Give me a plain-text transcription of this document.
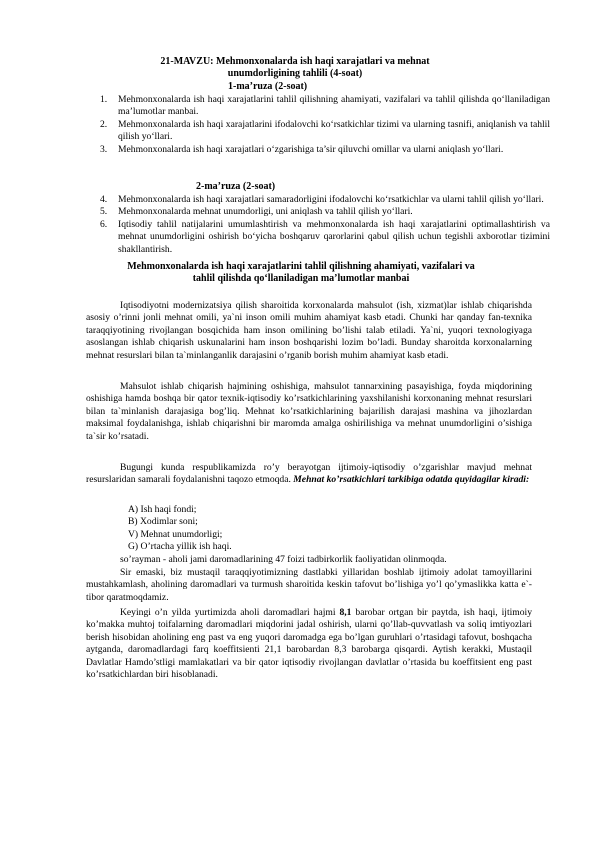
21-MAVZU: Mehmonxonalarda ish haqi xarajatlari va mehnat
unumdorligining tahlili (4-soat)
1-ma’ruza (2-soat)
1. Mehmonxonalarda ish haqi xarajatlarini tahlil qilishning ahamiyati, vazifalari va tahlil qilishda qo‘llaniladigan ma’lumotlar manbai.
2. Mehmonxonalarda ish haqi xarajatlarini ifodalovchi ko‘rsatkichlar tizimi va ularning tasnifi, aniqlanish va tahlil qilish yo‘llari.
3. Mehmonxonalarda ish haqi xarajatlari o‘zgarishiga ta’sir qiluvchi omillar va ularni aniqlash yo‘llari.
2-ma’ruza (2-soat)
4. Mehmonxonalarda ish haqi xarajatlari samaradorligini ifodalovchi ko‘rsatkichlar va ularni tahlil qilish yo‘llari.
5. Mehmonxonalarda mehnat unumdorligi, uni aniqlash va tahlil qilish yo‘llari.
6. Iqtisodiy tahlil natijalarini umumlashtirish va mehmonxonalarda ish haqi xarajatlarini optimallashtirish va mehnat unumdorligini oshirish bo‘yicha boshqaruv qarorlarini qabul qilish uchun tegishli axborotlar tizimini shakllantirish.
Mehmonxonalarda ish haqi xarajatlarini tahlil qilishning ahamiyati, vazifalari va
tahlil qilishda qo‘llaniladigan ma’lumotlar manbai
Iqtisodiyotni modernizatsiya qilish sharoitida korxonalarda mahsulot (ish, xizmat)lar ishlab chiqarishda asosiy o’rinni jonli mehnat omili, ya`ni inson omili muhim ahamiyat kasb etadi. Chunki har qanday fan-texnika taraqqiyotining rivojlangan bosqichida ham inson omilining bo’lishi talab etiladi. Ya`ni, yuqori texnologiyaga asoslangan ishlab chiqarish uskunalarini ham inson boshqarishi lozim bo’ladi. Bunday sharoitda korxonalarning mehnat resurslari bilan ta`minlanganlik darajasini o’rganib borish muhim ahamiyat kasb etadi.
Mahsulot ishlab chiqarish hajmining oshishiga, mahsulot tannarxining pasayishiga, foyda miqdorining oshishiga hamda boshqa bir qator texnik-iqtisodiy ko’rsatkichlarining yaxshilanishi korxonaning mehnat resurslari bilan ta`minlanish darajasiga bog’liq. Mehnat ko’rsatkichlarining bajarilish darajasi mashina va jihozlardan maksimal foydalanishga, ishlab chiqarishni bir maromda amalga oshirilishiga va mehnat unumdorligini o’sishiga ta`sir ko’rsatadi.
Bugungi kunda respublikamizda ro’y berayotgan ijtimoiy-iqtisodiy o’zgarishlar mavjud mehnat resurslaridan samarali foydalanishni taqozo etmoqda. Mehnat ko’rsatkichlari tarkibiga odatda quyidagilar kiradi:
A) Ish haqi fondi;
B) Xodimlar soni;
V) Mehnat unumdorligi;
G) O’rtacha yillik ish haqi.
so’rayman - aholi jami daromadlarining 47 foizi tadbirkorlik faoliyatidan olinmoqda.
Sir emaski, biz mustaqil taraqqiyotimizning dastlabki yillaridan boshlab ijtimoiy adolat tamoyillarini mustahkamlash, aholining daromadlari va turmush sharoitida keskin tafovut bo’lishiga yo’l qo’ymaslikka katta e`-tibor qaratmoqdamiz.
Keyingi o’n yilda yurtimizda aholi daromadlari hajmi 8,1 barobar ortgan bir paytda, ish haqi, ijtimoiy ko’makka muhtoj toifalarning daromadlari miqdorini jadal oshirish, ularni qo’llab-quvvatlash va soliq imtiyozlari berish hisobidan aholining eng past va eng yuqori daromadga ega bo’lgan guruhlari o’rtasidagi tafovut, boshqacha aytganda, daromadlardagi farq koeffitsienti 21,1 barobardan 8,3 barobarga qisqardi. Aytish kerakki, Mustaqil Davlatlar Hamdo’stligi mamlakatlari va bir qator iqtisodiy rivojlangan davlatlar o’rtasida bu koeffitsient eng past ko’rsatkichlardan biri hisoblanadi.
